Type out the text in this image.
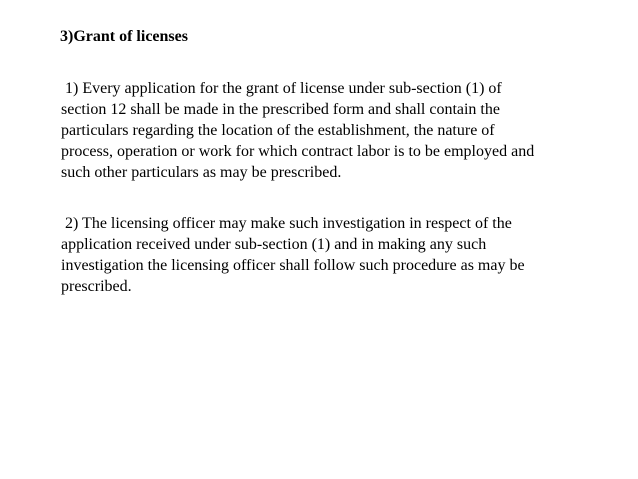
3)Grant of licenses
1) Every application for the grant of license under sub-section (1) of
section 12 shall be made in the prescribed form and shall contain the
particulars regarding the location of the establishment, the nature of
process, operation or work for which contract labor is to be employed and
such other particulars as may be prescribed.
2) The licensing officer may make such investigation in respect of the
application received under sub-section (1) and in making any such
investigation the licensing officer shall follow such procedure as may be
prescribed.
